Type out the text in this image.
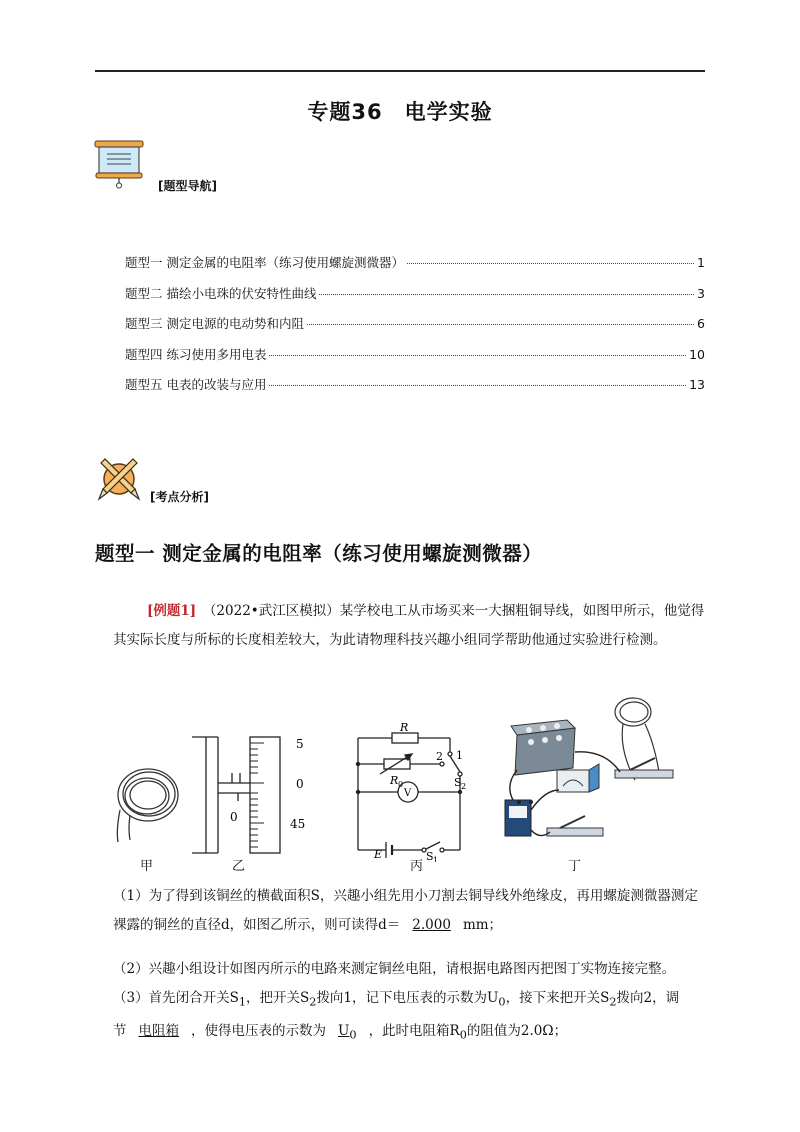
专题36　电学实验
[题型导航]
题型一 测定金属的电阻率（练习使用螺旋测微器）	1
题型二 描绘小电珠的伏安特性曲线	3
题型三 测定电源的电动势和内阻	6
题型四 练习使用多用电表	10
题型五 电表的改装与应用	13
[考点分析]
题型一 测定金属的电阻率（练习使用螺旋测微器）
[例题1]　 （2022•武江区模拟）某学校电工从市场买来一大捆粗铜导线，如图甲所示，他觉得其实际长度与所标的长度相差较大，为此请物理科技兴趣小组同学帮助他通过实验进行检测。
甲
5
0
45
0
乙
R
R 0
V
E	S 1
S 2
1
2
丙	丁
（1）为了得到该铜丝的横截面积S，兴趣小组先用小刀割去铜导线外绝缘皮，再用螺旋测微器测定裸露的铜丝的直径d，如图乙所示，则可读得d＝ 2.000 mm；
（2）兴趣小组设计如图丙所示的电路来测定铜丝电阻，请根据电路图丙把图丁实物连接完整。
（3）首先闭合开关$S_1$，把开关$S_2$拨向1，记下电压表的示数为$U_0$，接下来把开关$S_2$拨向2，调
节 电阻箱 ，使得电压表的示数为 $U_0$ ，此时电阻箱$R_0$的阻值为2.0Ω；
